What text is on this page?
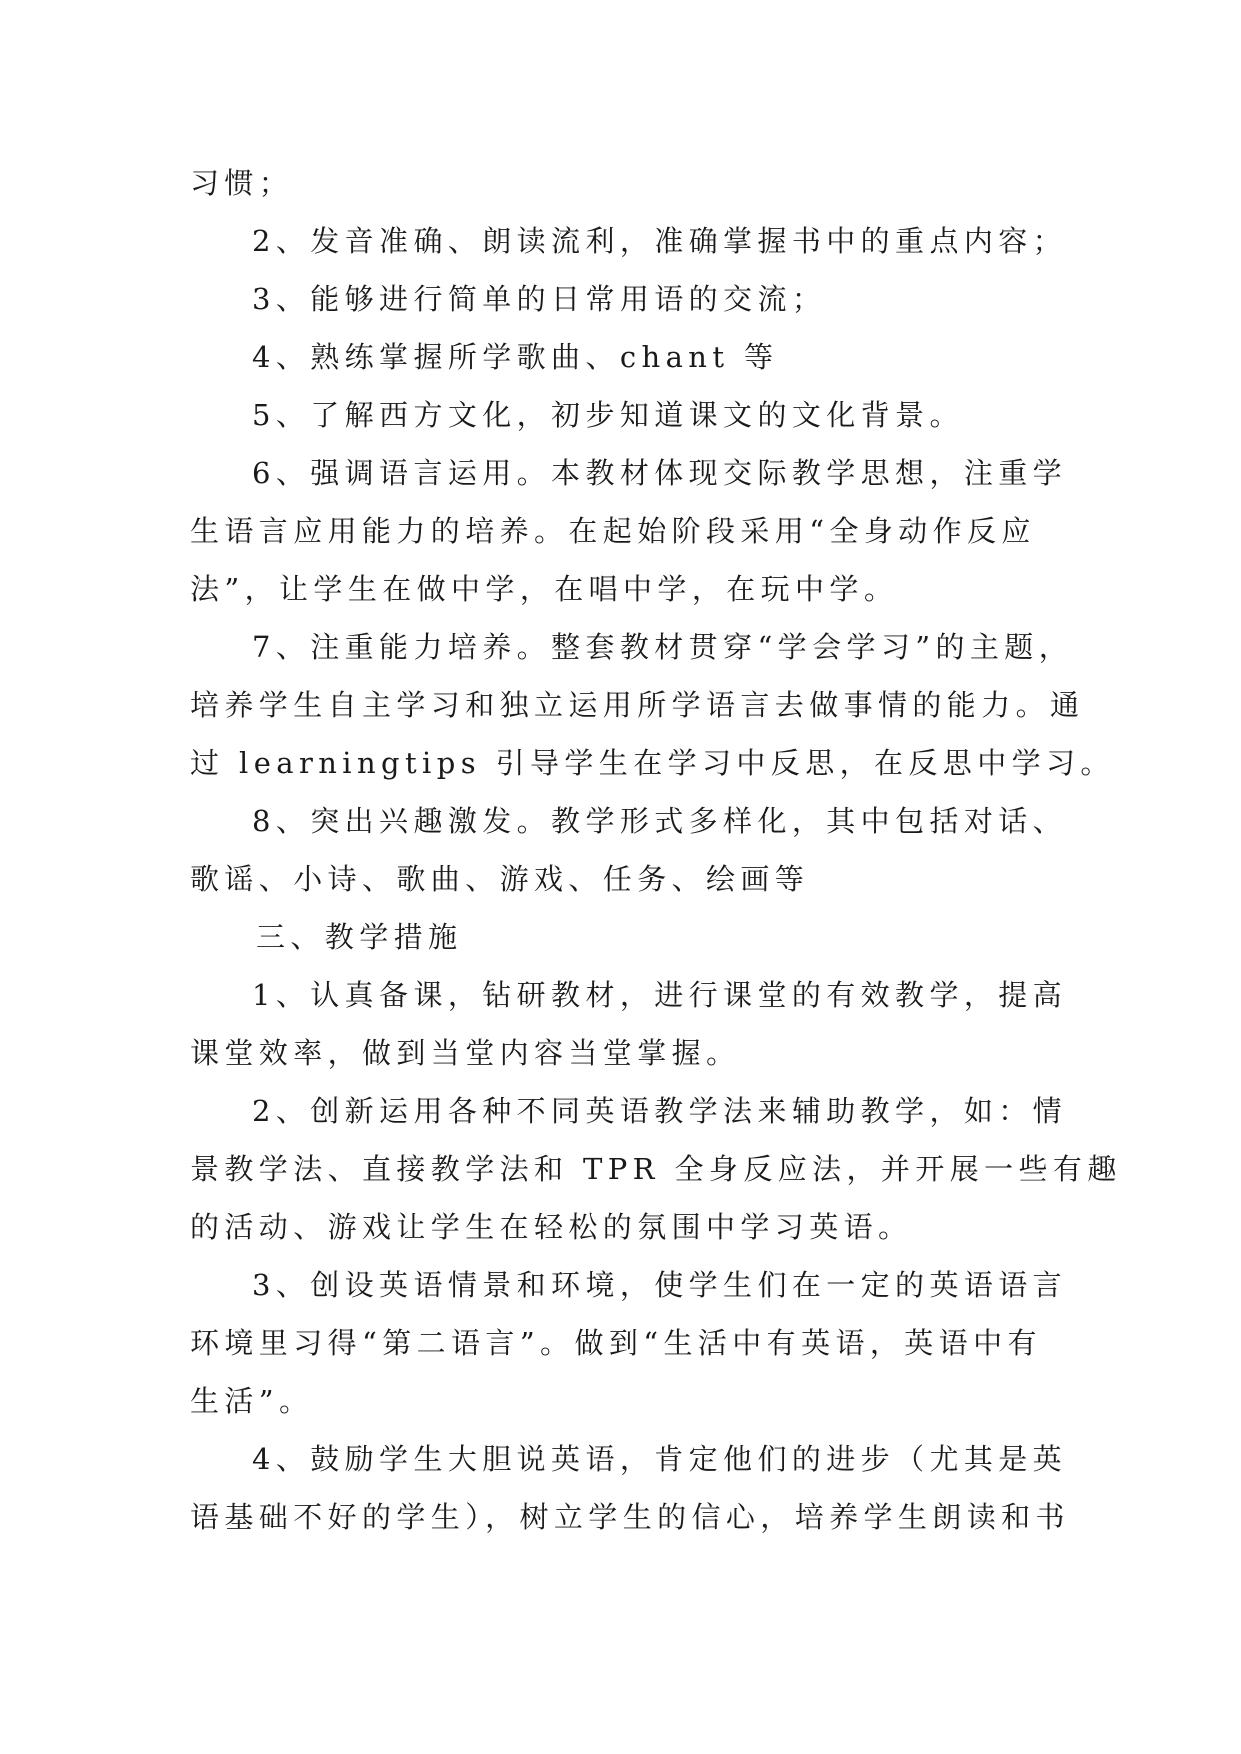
习惯；

2、发音准确、朗读流利，准确掌握书中的重点内容；

3、能够进行简单的日常用语的交流；

4、熟练掌握所学歌曲、chant 等

5、了解西方文化，初步知道课文的文化背景。

6、强调语言运用。本教材体现交际教学思想，注重学

生语言应用能力的培养。在起始阶段采用“全身动作反应

法”，让学生在做中学，在唱中学，在玩中学。

7、注重能力培养。整套教材贯穿“学会学习”的主题，

培养学生自主学习和独立运用所学语言去做事情的能力。通

过 learningtips 引导学生在学习中反思，在反思中学习。

8、突出兴趣激发。教学形式多样化，其中包括对话、

歌谣、小诗、歌曲、游戏、任务、绘画等

三、教学措施

1、认真备课，钻研教材，进行课堂的有效教学，提高

课堂效率，做到当堂内容当堂掌握。

2、创新运用各种不同英语教学法来辅助教学，如：情

景教学法、直接教学法和 TPR 全身反应法，并开展一些有趣

的活动、游戏让学生在轻松的氛围中学习英语。

3、创设英语情景和环境，使学生们在一定的英语语言

环境里习得“第二语言”。做到“生活中有英语，英语中有

生活”。

4、鼓励学生大胆说英语，肯定他们的进步（尤其是英

语基础不好的学生），树立学生的信心，培养学生朗读和书
